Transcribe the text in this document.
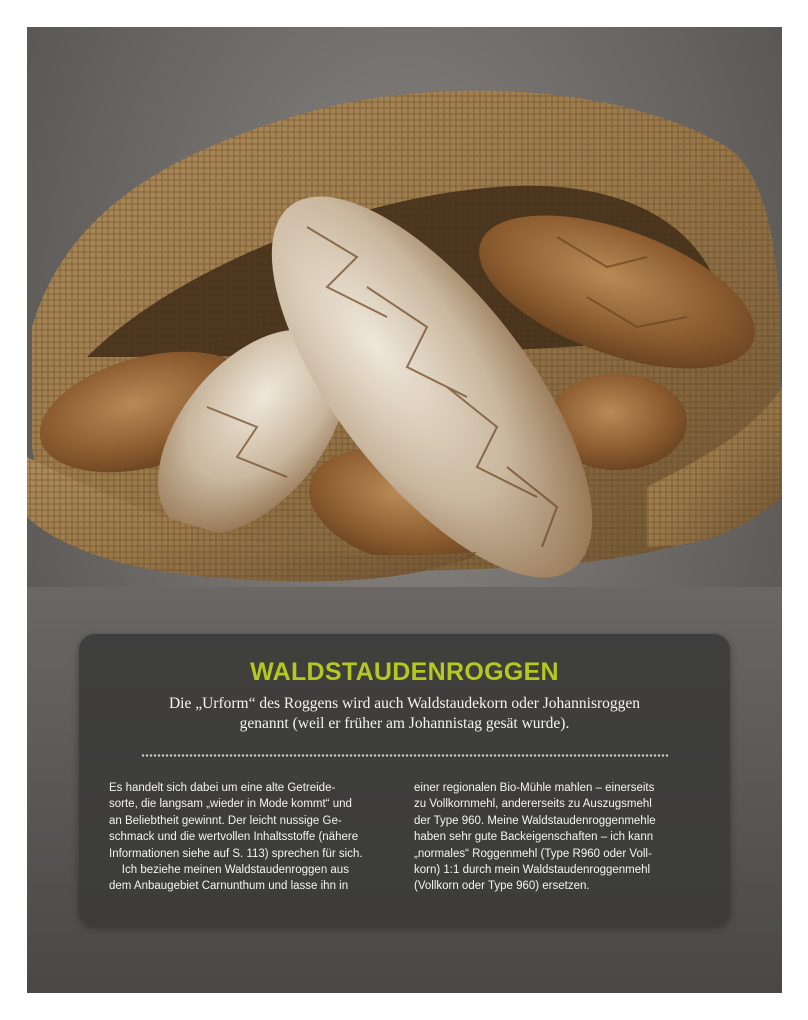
WALDSTAUDENROGGEN

Die „Urform“ des Roggens wird auch Waldstaudekorn oder Johannisroggen
genannt (weil er früher am Johannistag gesät wurde).

Es handelt sich dabei um eine alte Getreide-
sorte, die langsam „wieder in Mode kommt“ und
an Beliebtheit gewinnt. Der leicht nussige Ge-
schmack und die wertvollen Inhaltsstoffe (nähere
Informationen siehe auf S. 113) sprechen für sich.
Ich beziehe meinen Waldstaudenroggen aus
dem Anbaugebiet Carnunthum und lasse ihn in

einer regionalen Bio-Mühle mahlen – einerseits
zu Vollkornmehl, andererseits zu Auszugsmehl
der Type 960. Meine Waldstaudenroggenmehle
haben sehr gute Backeigenschaften – ich kann
„normales“ Roggenmehl (Type R960 oder Voll-
korn) 1:1 durch mein Waldstaudenroggenmehl
(Vollkorn oder Type 960) ersetzen.
